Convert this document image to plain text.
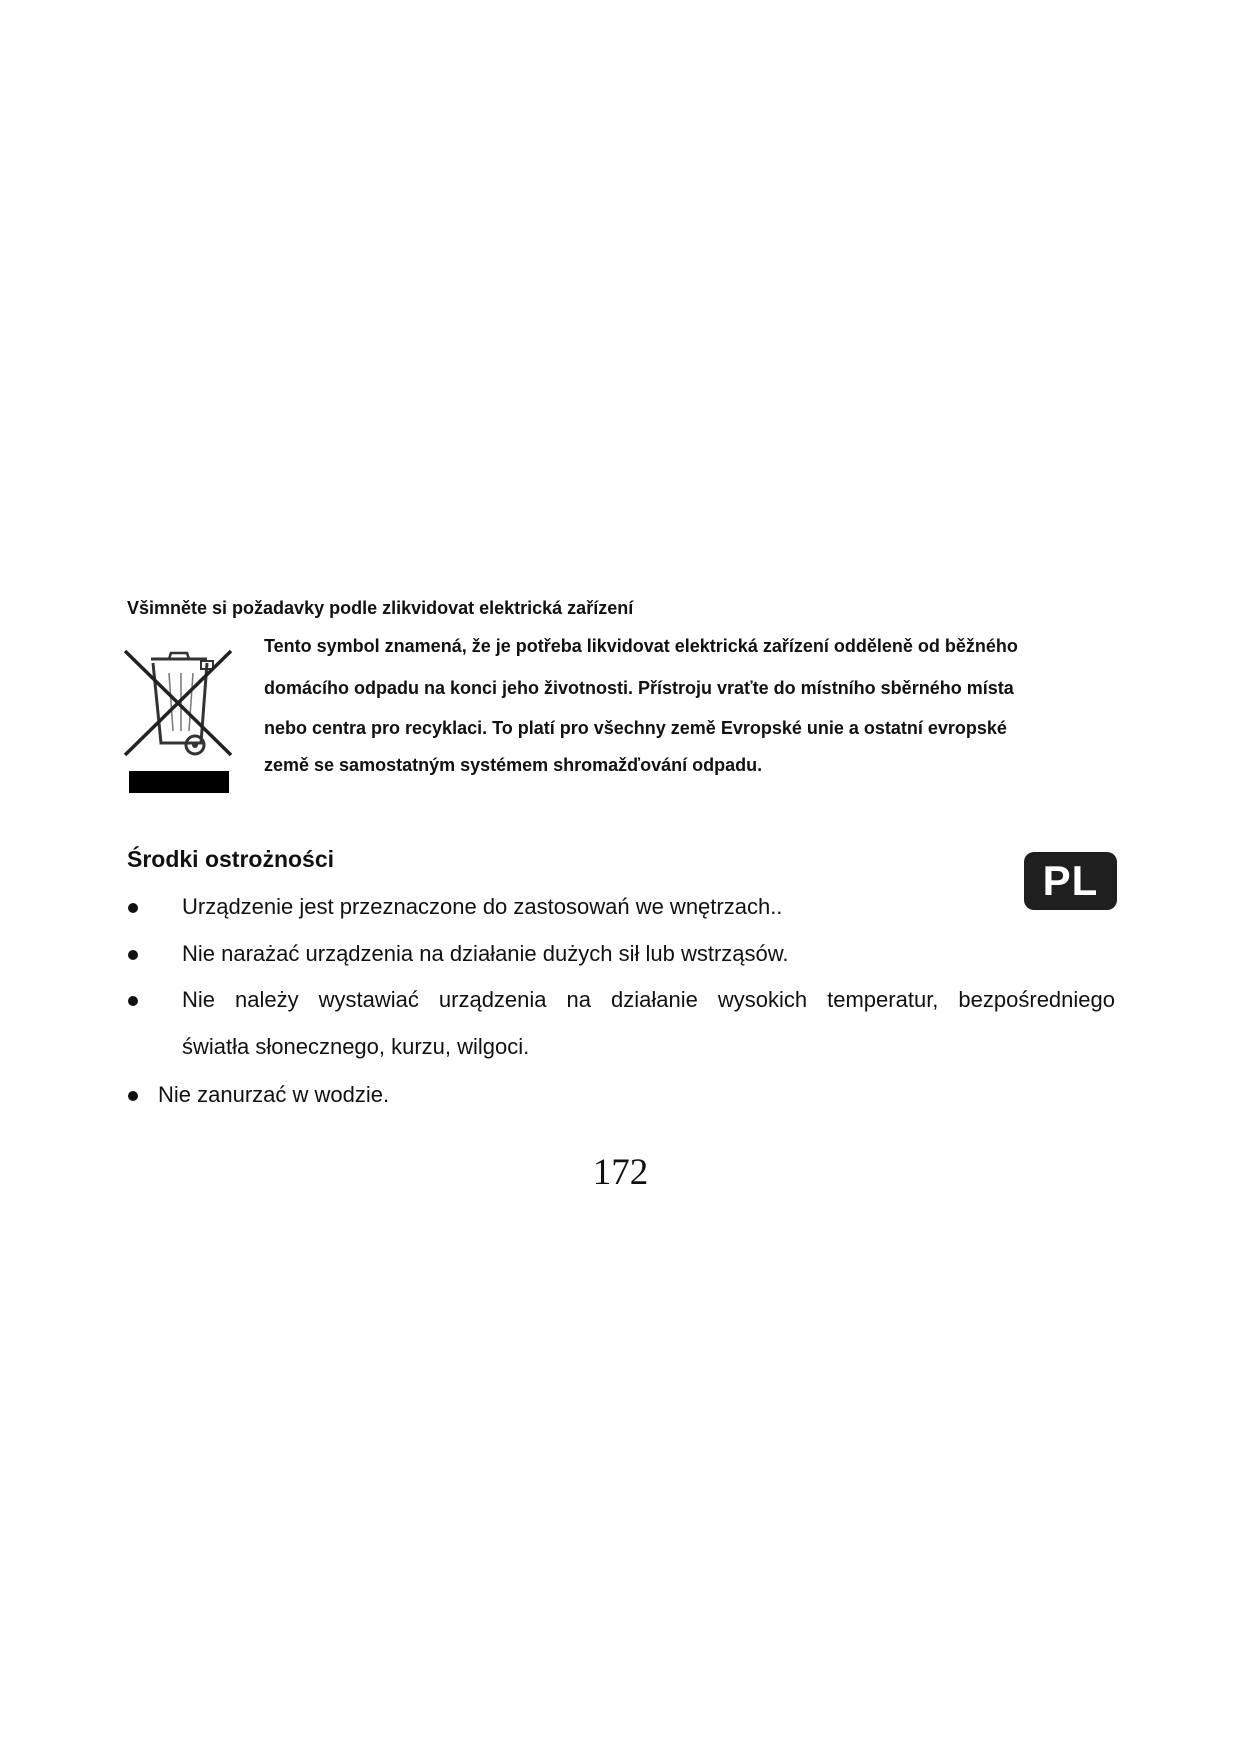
Všimněte si požadavky podle zlikvidovat elektrická zařízení
Tento symbol znamená, že je potřeba likvidovat elektrická zařízení odděleně od běžného
domácího odpadu na konci jeho životnosti. Přístroju vraťte do místního sběrného místa
nebo centra pro recyklaci. To platí pro všechny země Evropské unie a ostatní evropské
země se samostatným systémem shromažďování odpadu.
Środki ostrożności	PL
Urządzenie jest przeznaczone do zastosowań we wnętrzach..
Nie narażać urządzenia na działanie dużych sił lub wstrząsów.
Nie należy wystawiać urządzenia na działanie wysokich temperatur, bezpośredniego
światła słonecznego, kurzu, wilgoci.
Nie zanurzać w wodzie.
172
